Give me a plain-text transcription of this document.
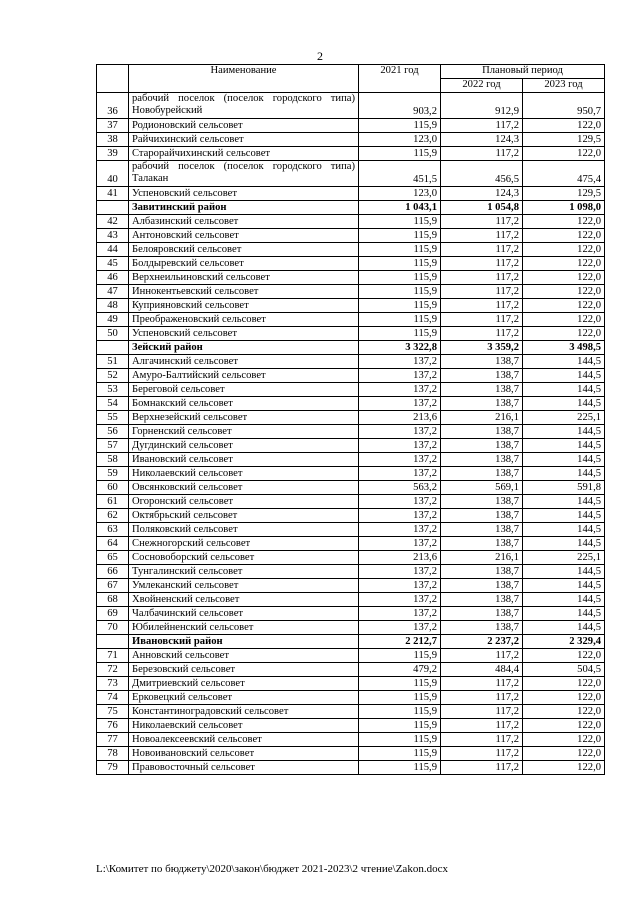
2
	Наименование	2021 год	Плановый период	
			2022 год	2023 год
36	рабочий поселок (поселок городского типа) Новобурейский	903,2	912,9	950,7
37	Родионовский сельсовет	115,9	117,2	122,0
38	Райчихинский сельсовет	123,0	124,3	129,5
39	Старорайчихинский сельсовет	115,9	117,2	122,0
40	рабочий поселок (поселок городского типа) Талакан	451,5	456,5	475,4
41	Успеновский сельсовет	123,0	124,3	129,5
	Завитинский район	1 043,1	1 054,8	1 098,0
42	Албазинский сельсовет	115,9	117,2	122,0
43	Антоновский сельсовет	115,9	117,2	122,0
44	Белояровский сельсовет	115,9	117,2	122,0
45	Болдыревский сельсовет	115,9	117,2	122,0
46	Верхнеильиновский сельсовет	115,9	117,2	122,0
47	Иннокентьевский сельсовет	115,9	117,2	122,0
48	Куприяновский сельсовет	115,9	117,2	122,0
49	Преображеновский сельсовет	115,9	117,2	122,0
50	Успеновский сельсовет	115,9	117,2	122,0
	Зейский район	3 322,8	3 359,2	3 498,5
51	Алгачинский сельсовет	137,2	138,7	144,5
52	Амуро-Балтийский сельсовет	137,2	138,7	144,5
53	Береговой сельсовет	137,2	138,7	144,5
54	Бомнакский сельсовет	137,2	138,7	144,5
55	Верхнезейский сельсовет	213,6	216,1	225,1
56	Горненский сельсовет	137,2	138,7	144,5
57	Дугдинский сельсовет	137,2	138,7	144,5
58	Ивановский сельсовет	137,2	138,7	144,5
59	Николаевский сельсовет	137,2	138,7	144,5
60	Овсянковский сельсовет	563,2	569,1	591,8
61	Огоронский сельсовет	137,2	138,7	144,5
62	Октябрьский сельсовет	137,2	138,7	144,5
63	Поляковский сельсовет	137,2	138,7	144,5
64	Снежногорский сельсовет	137,2	138,7	144,5
65	Сосновоборский сельсовет	213,6	216,1	225,1
66	Тунгалинский сельсовет	137,2	138,7	144,5
67	Умлеканский сельсовет	137,2	138,7	144,5
68	Хвойненский сельсовет	137,2	138,7	144,5
69	Чалбачинский сельсовет	137,2	138,7	144,5
70	Юбилейненский сельсовет	137,2	138,7	144,5
	Ивановский район	2 212,7	2 237,2	2 329,4
71	Анновский сельсовет	115,9	117,2	122,0
72	Березовский сельсовет	479,2	484,4	504,5
73	Дмитриевский сельсовет	115,9	117,2	122,0
74	Ерковецкий сельсовет	115,9	117,2	122,0
75	Константиноградовский сельсовет	115,9	117,2	122,0
76	Николаевский сельсовет	115,9	117,2	122,0
77	Новоалексеевский сельсовет	115,9	117,2	122,0
78	Новоивановский сельсовет	115,9	117,2	122,0
79	Правовосточный сельсовет	115,9	117,2	122,0
L:\Комитет по бюджету\2020\закон\бюджет 2021-2023\2 чтение\Zakon.docx
